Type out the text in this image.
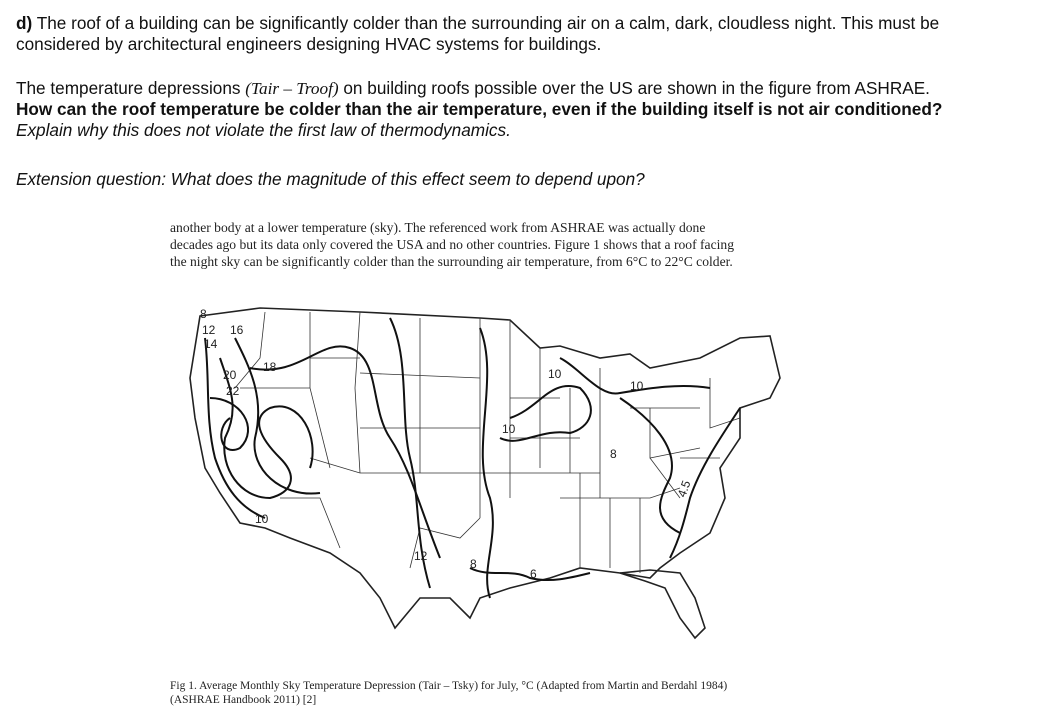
d) The roof of a building can be significantly colder than the surrounding air on a calm, dark, cloudless night. This must be
considered by architectural engineers designing HVAC systems for buildings.
The temperature depressions (Tair – Troof) on building roofs possible over the US are shown in the figure from ASHRAE.
How can the roof temperature be colder than the air temperature, even if the building itself is not air conditioned?
Explain why this does not violate the first law of thermodynamics.
Extension question: What does the magnitude of this effect seem to depend upon?
another body at a lower temperature (sky). The referenced work from ASHRAE was actually done
decades ago but its data only covered the USA and no other countries. Figure 1 shows that a roof facing
the night sky can be significantly colder than the surrounding air temperature, from 6°C to 22°C colder.
8
12
14
16
20
22
18	10
10
10
10
12
8
6
8
4.5
Fig 1. Average Monthly Sky Temperature Depression (Tair – Tsky) for July, °C (Adapted from Martin and Berdahl 1984)
(ASHRAE Handbook 2011) [2]
